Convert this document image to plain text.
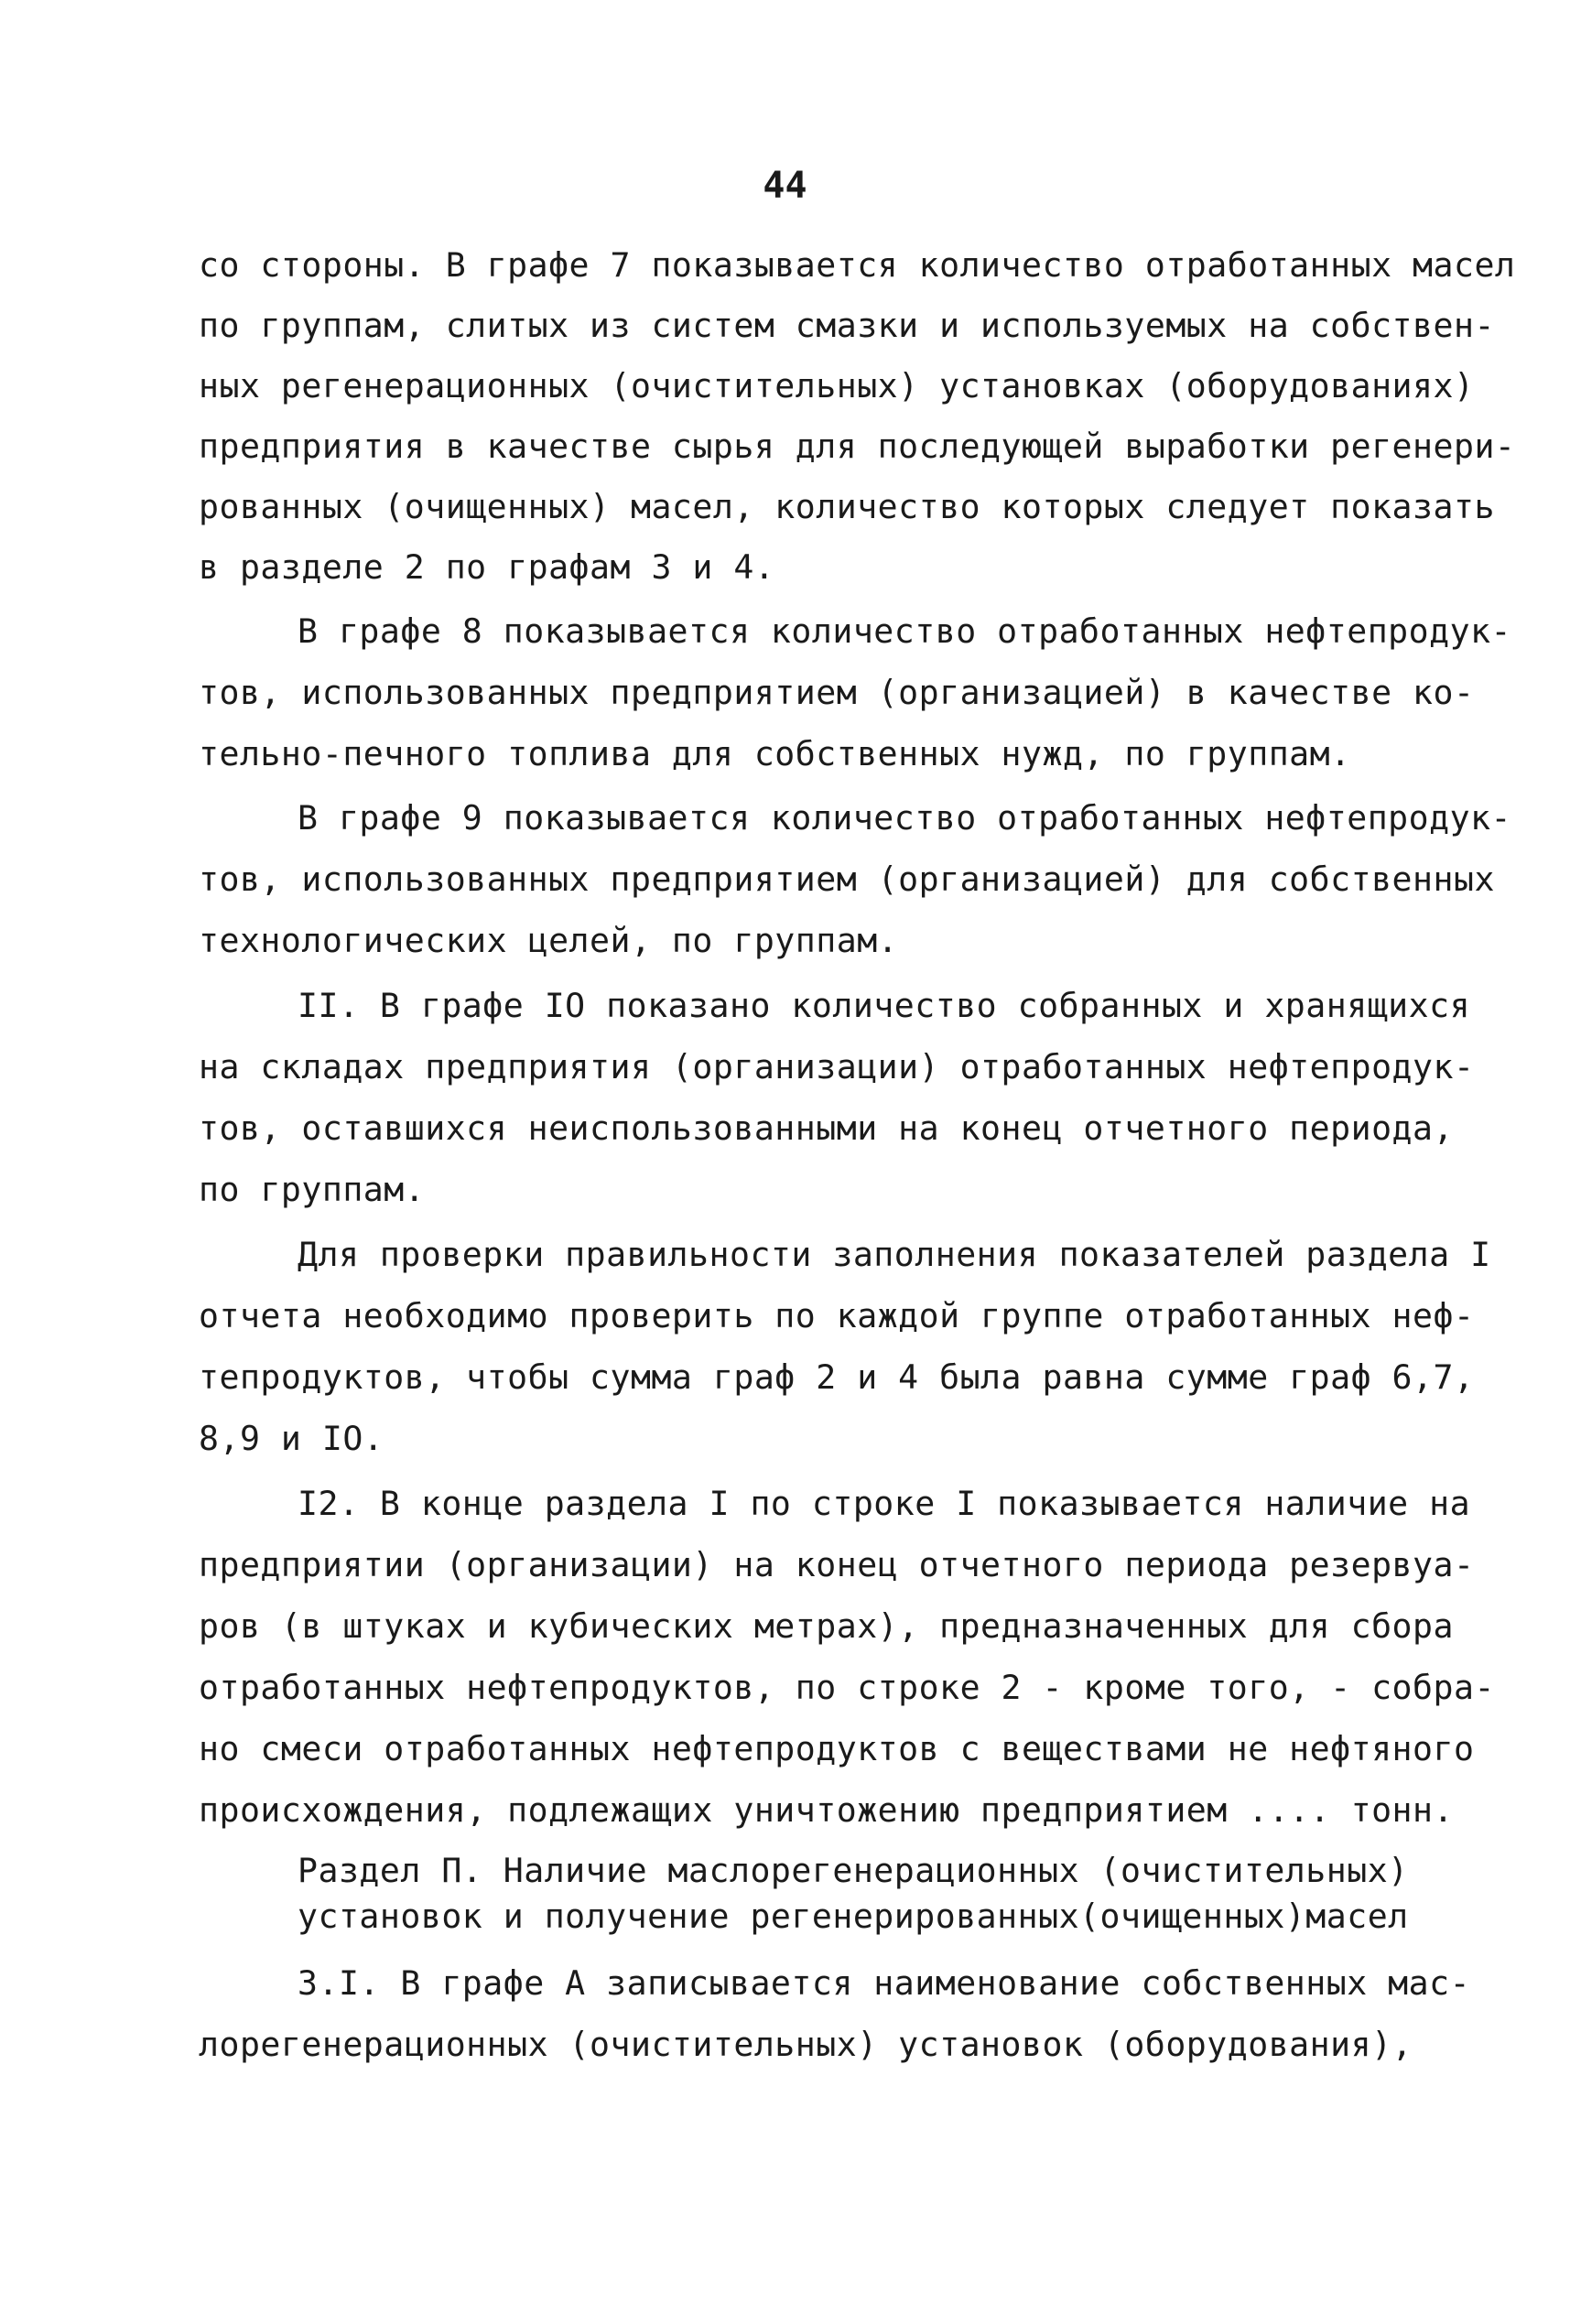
44
со стороны. В графе 7 показывается количество отработанных масел
по группам, слитых из систем смазки и используемых на собствен-
ных регенерационных (очистительных) установках (оборудованиях)
предприятия в качестве сырья для последующей выработки регенери-
рованных (очищенных) масел, количество которых следует показать
в разделе 2 по графам 3 и 4.
В графе 8 показывается количество отработанных нефтепродук-
тов, использованных предприятием (организацией) в качестве ко-
тельно-печного топлива для собственных нужд, по группам.
В графе 9 показывается количество отработанных нефтепродук-
тов, использованных предприятием (организацией) для собственных
технологических целей, по группам.
II. В графе IO показано количество собранных и хранящихся
на складах предприятия (организации) отработанных нефтепродук-
тов, оставшихся неиспользованными на конец отчетного периода,
по группам.
Для проверки правильности заполнения показателей раздела I
отчета необходимо проверить по каждой группе отработанных неф-
тепродуктов, чтобы сумма граф 2 и 4 была равна сумме граф 6,7,
8,9 и IO.
I2. В конце раздела I по строке I показывается наличие на
предприятии (организации) на конец отчетного периода резервуа-
ров (в штуках и кубических метрах), предназначенных для сбора
отработанных нефтепродуктов, по строке 2 - кроме того, - собра-
но смеси отработанных нефтепродуктов с веществами не нефтяного
происхождения, подлежащих уничтожению предприятием .... тонн.
Раздел П. Наличие маслорегенерационных (очистительных)
установок и получение регенерированных(очищенных)масел
3.I. В графе А записывается наименование собственных мас-
лорегенерационных (очистительных) установок (оборудования),
